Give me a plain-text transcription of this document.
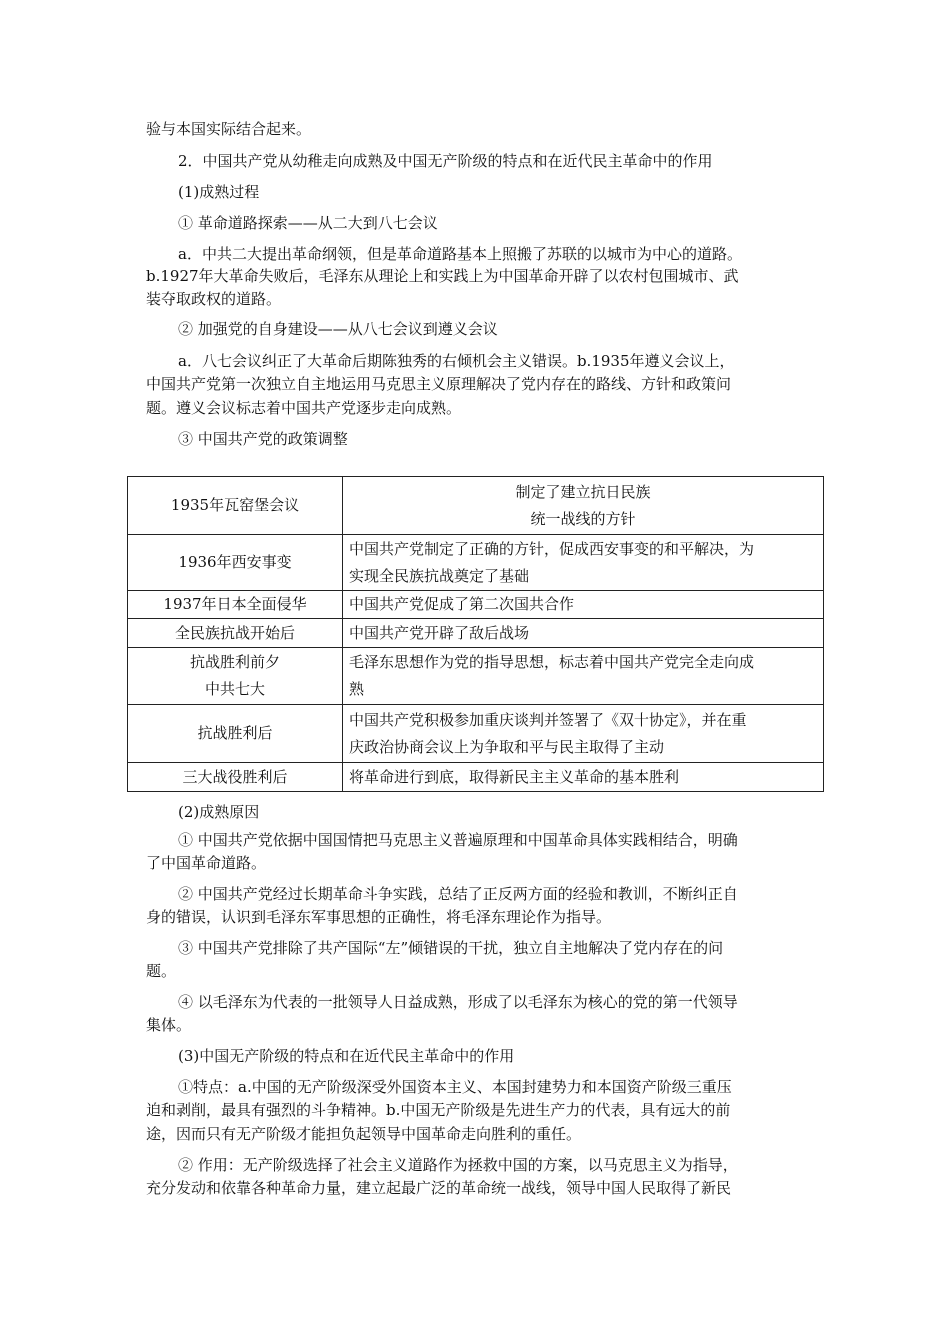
验与本国实际结合起来。
2．中国共产党从幼稚走向成熟及中国无产阶级的特点和在近代民主革命中的作用
(1)成熟过程
① 革命道路探索——从二大到八七会议
a．中共二大提出革命纲领，但是革命道路基本上照搬了苏联的以城市为中心的道路。
b.1927年大革命失败后，毛泽东从理论上和实践上为中国革命开辟了以农村包围城市、武
装夺取政权的道路。
② 加强党的自身建设——从八七会议到遵义会议
a．八七会议纠正了大革命后期陈独秀的右倾机会主义错误。b.1935年遵义会议上，
中国共产党第一次独立自主地运用马克思主义原理解决了党内存在的路线、方针和政策问
题。遵义会议标志着中国共产党逐步走向成熟。
③ 中国共产党的政策调整
1935年瓦窑堡会议	制定了建立抗日民族
统一战线的方针

1936年西安事变	中国共产党制定了正确的方针，促成西安事变的和平解决，为
实现全民族抗战奠定了基础

1937年日本全面侵华	中国共产党促成了第二次国共合作

全民族抗战开始后	中国共产党开辟了敌后战场

抗战胜利前夕
中共七大	毛泽东思想作为党的指导思想，标志着中国共产党完全走向成
熟

抗战胜利后	中国共产党积极参加重庆谈判并签署了《双十协定》，并在重
庆政治协商会议上为争取和平与民主取得了主动

三大战役胜利后	将革命进行到底，取得新民主主义革命的基本胜利
(2)成熟原因
① 中国共产党依据中国国情把马克思主义普遍原理和中国革命具体实践相结合，明确
了中国革命道路。
② 中国共产党经过长期革命斗争实践，总结了正反两方面的经验和教训，不断纠正自
身的错误，认识到毛泽东军事思想的正确性，将毛泽东理论作为指导。
③ 中国共产党排除了共产国际“左”倾错误的干扰，独立自主地解决了党内存在的问
题。
④ 以毛泽东为代表的一批领导人日益成熟，形成了以毛泽东为核心的党的第一代领导
集体。
(3)中国无产阶级的特点和在近代民主革命中的作用
①特点：a.中国的无产阶级深受外国资本主义、本国封建势力和本国资产阶级三重压
迫和剥削，最具有强烈的斗争精神。b.中国无产阶级是先进生产力的代表，具有远大的前
途，因而只有无产阶级才能担负起领导中国革命走向胜利的重任。
② 作用：无产阶级选择了社会主义道路作为拯救中国的方案，以马克思主义为指导，
充分发动和依靠各种革命力量，建立起最广泛的革命统一战线，领导中国人民取得了新民
